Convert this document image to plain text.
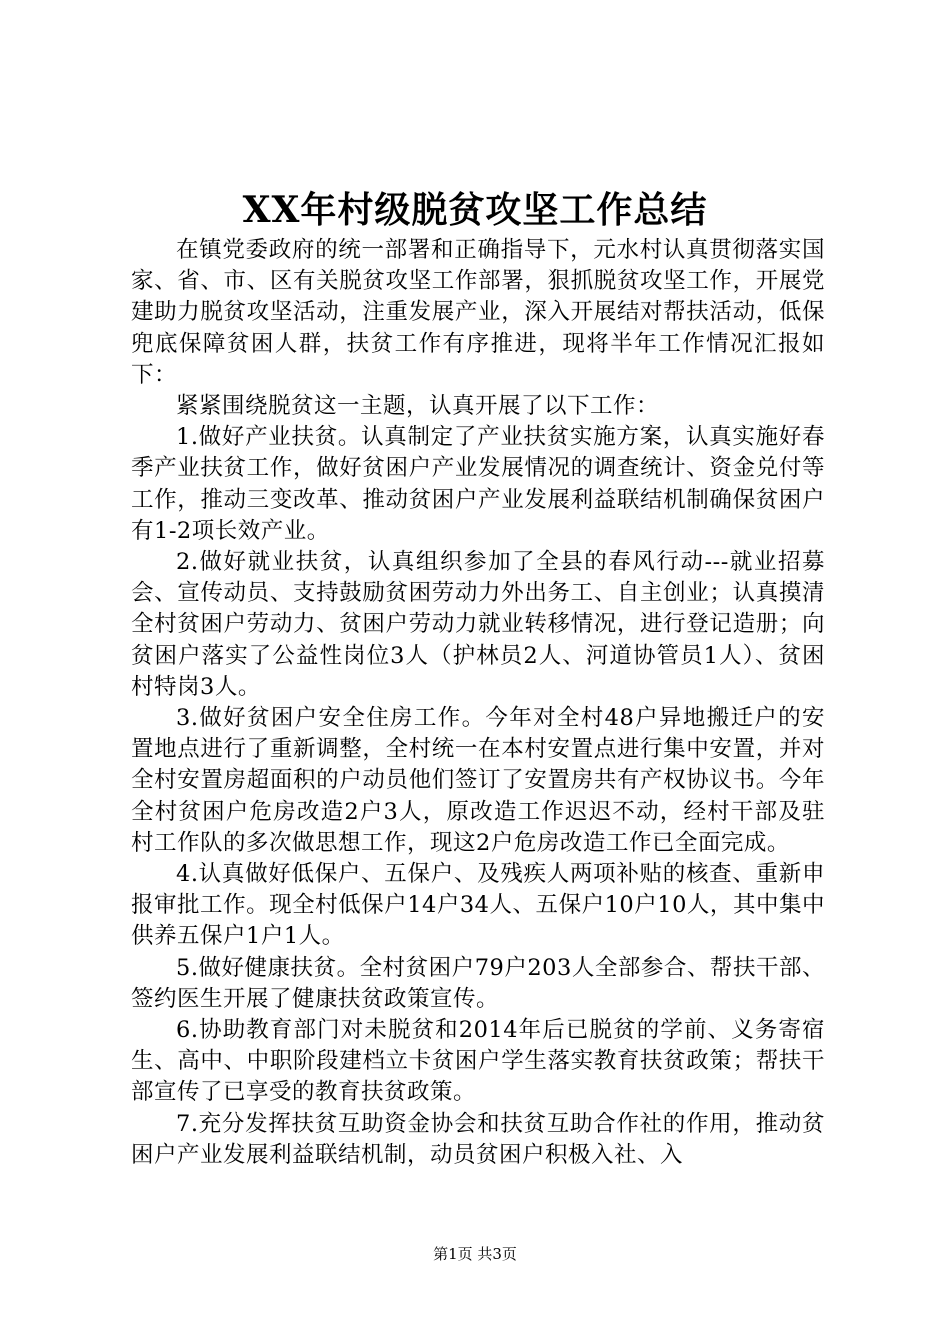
XX年村级脱贫攻坚工作总结

在镇党委政府的统一部署和正确指导下，元水村认真贯彻落实国家、省、市、区有关脱贫攻坚工作部署，狠抓脱贫攻坚工作，开展党建助力脱贫攻坚活动，注重发展产业，深入开展结对帮扶活动，低保兜底保障贫困人群，扶贫工作有序推进，现将半年工作情况汇报如下：

紧紧围绕脱贫这一主题，认真开展了以下工作：

1.做好产业扶贫。认真制定了产业扶贫实施方案，认真实施好春季产业扶贫工作，做好贫困户产业发展情况的调查统计、资金兑付等工作，推动三变改革、推动贫困户产业发展利益联结机制确保贫困户有1-2项长效产业。

2.做好就业扶贫，认真组织参加了全县的春风行动---就业招募会、宣传动员、支持鼓励贫困劳动力外出务工、自主创业；认真摸清全村贫困户劳动力、贫困户劳动力就业转移情况，进行登记造册；向贫困户落实了公益性岗位3人（护林员2人、河道协管员1人）、贫困村特岗3人。

3.做好贫困户安全住房工作。今年对全村48户异地搬迁户的安置地点进行了重新调整，全村统一在本村安置点进行集中安置，并对全村安置房超面积的户动员他们签订了安置房共有产权协议书。今年全村贫困户危房改造2户3人，原改造工作迟迟不动，经村干部及驻村工作队的多次做思想工作，现这2户危房改造工作已全面完成。

4.认真做好低保户、五保户、及残疾人两项补贴的核查、重新申报审批工作。现全村低保户14户34人、五保户10户10人，其中集中供养五保户1户1人。

5.做好健康扶贫。全村贫困户79户203人全部参合、帮扶干部、签约医生开展了健康扶贫政策宣传。

6.协助教育部门对未脱贫和2014年后已脱贫的学前、义务寄宿生、高中、中职阶段建档立卡贫困户学生落实教育扶贫政策；帮扶干部宣传了已享受的教育扶贫政策。

7.充分发挥扶贫互助资金协会和扶贫互助合作社的作用，推动贫困户产业发展利益联结机制，动员贫困户积极入社、入

第1页 共3页
